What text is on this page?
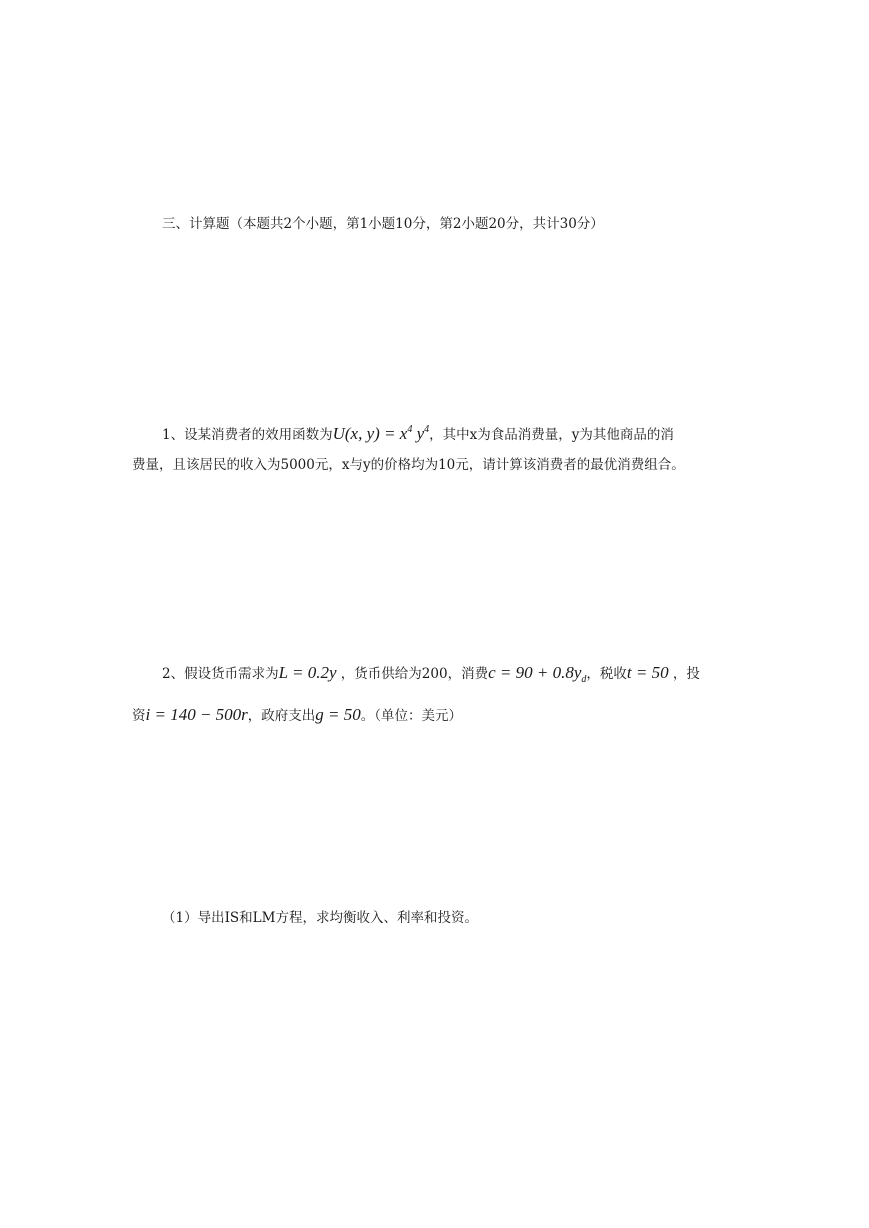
三、计算题（本题共2个小题，第1小题10分，第2小题20分，共计30分）
1、设某消费者的效用函数为U(x, $y) = x^4$ $y^4$，其中x为食品消费量，y为其他商品的消
费量，且该居民的收入为5000元，x与y的价格均为10元，请计算该消费者的最优消费组合。
2、假设货币需求为L = 0.2y ，货币供给为200，消费$c = 90 + 0.8y_d$，税收t = 50 ，投
资i = 140 − 500r，政府支出g = 50。（单位：美元）
（1）导出IS和LM方程，求均衡收入、利率和投资。
